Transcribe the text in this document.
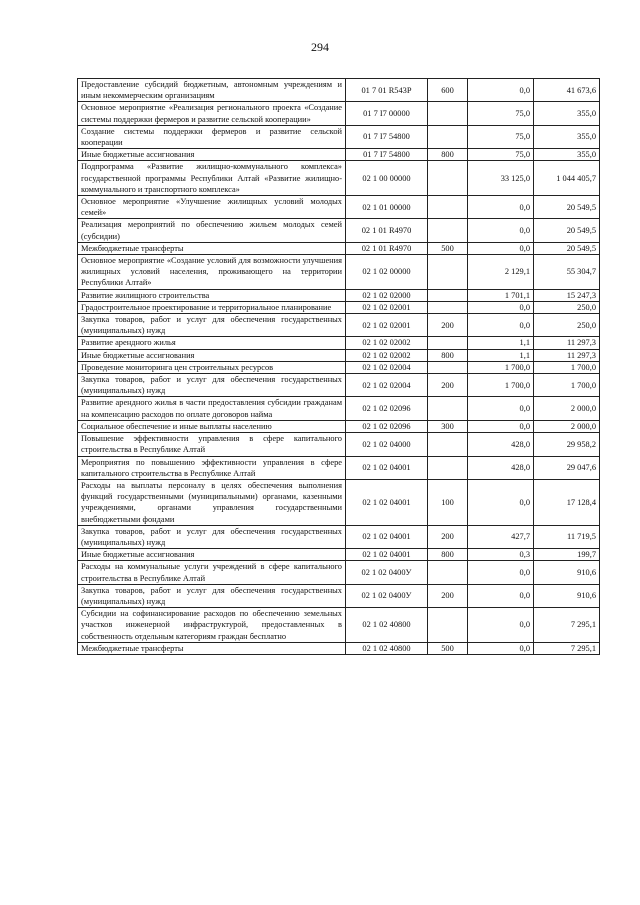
294
Предоставление субсидий бюджетным, автономным учреждениям и иным некоммерческим организациям	01 7 01 R543P	600	0,0	41 673,6
Основное мероприятие «Реализация регионального проекта «Создание системы поддержки фермеров и развитие сельской кооперации»	01 7 I7 00000		75,0	355,0
Создание системы поддержки фермеров и развитие сельской кооперации	01 7 I7 54800		75,0	355,0
Иные бюджетные ассигнования	01 7 I7 54800	800	75,0	355,0
Подпрограмма «Развитие жилищно-коммунального комплекса» государственной программы Республики Алтай «Развитие жилищно-коммунального и транспортного комплекса»	02 1 00 00000		33 125,0	1 044 405,7
Основное мероприятие «Улучшение жилищных условий молодых семей»	02 1 01 00000		0,0	20 549,5
Реализация мероприятий по обеспечению жильем молодых семей (субсидии)	02 1 01 R4970		0,0	20 549,5
Межбюджетные трансферты	02 1 01 R4970	500	0,0	20 549,5
Основное мероприятие «Создание условий для возможности улучшения жилищных условий населения, проживающего на территории Республики Алтай»	02 1 02 00000		2 129,1	55 304,7
Развитие жилищного строительства	02 1 02 02000		1 701,1	15 247,3
Градостроительное проектирование и территориальное планирование	02 1 02 02001		0,0	250,0
Закупка товаров, работ и услуг для обеспечения государственных (муниципальных) нужд	02 1 02 02001	200	0,0	250,0
Развитие арендного жилья	02 1 02 02002		1,1	11 297,3
Иные бюджетные ассигнования	02 1 02 02002	800	1,1	11 297,3
Проведение мониторинга цен строительных ресурсов	02 1 02 02004		1 700,0	1 700,0
Закупка товаров, работ и услуг для обеспечения государственных (муниципальных) нужд	02 1 02 02004	200	1 700,0	1 700,0
Развитие арендного жилья в части предоставления субсидии гражданам на компенсацию расходов по оплате договоров найма	02 1 02 02096		0,0	2 000,0
Социальное обеспечение и иные выплаты населению	02 1 02 02096	300	0,0	2 000,0
Повышение эффективности управления в сфере капитального строительства в Республике Алтай	02 1 02 04000		428,0	29 958,2
Мероприятия по повышению эффективности управления в сфере капитального строительства в Республике Алтай	02 1 02 04001		428,0	29 047,6
Расходы на выплаты персоналу в целях обеспечения выполнения функций государственными (муниципальными) органами, казенными учреждениями, органами управления государственными внебюджетными фондами	02 1 02 04001	100	0,0	17 128,4
Закупка товаров, работ и услуг для обеспечения государственных (муниципальных) нужд	02 1 02 04001	200	427,7	11 719,5
Иные бюджетные ассигнования	02 1 02 04001	800	0,3	199,7
Расходы на коммунальные услуги учреждений в сфере капитального строительства в Республике Алтай	02 1 02 0400У		0,0	910,6
Закупка товаров, работ и услуг для обеспечения государственных (муниципальных) нужд	02 1 02 0400У	200	0,0	910,6
Субсидии на софинансирование расходов по обеспечению земельных участков инженерной инфраструктурой, предоставленных в собственность отдельным категориям граждан бесплатно	02 1 02 40800		0,0	7 295,1
Межбюджетные трансферты	02 1 02 40800	500	0,0	7 295,1
